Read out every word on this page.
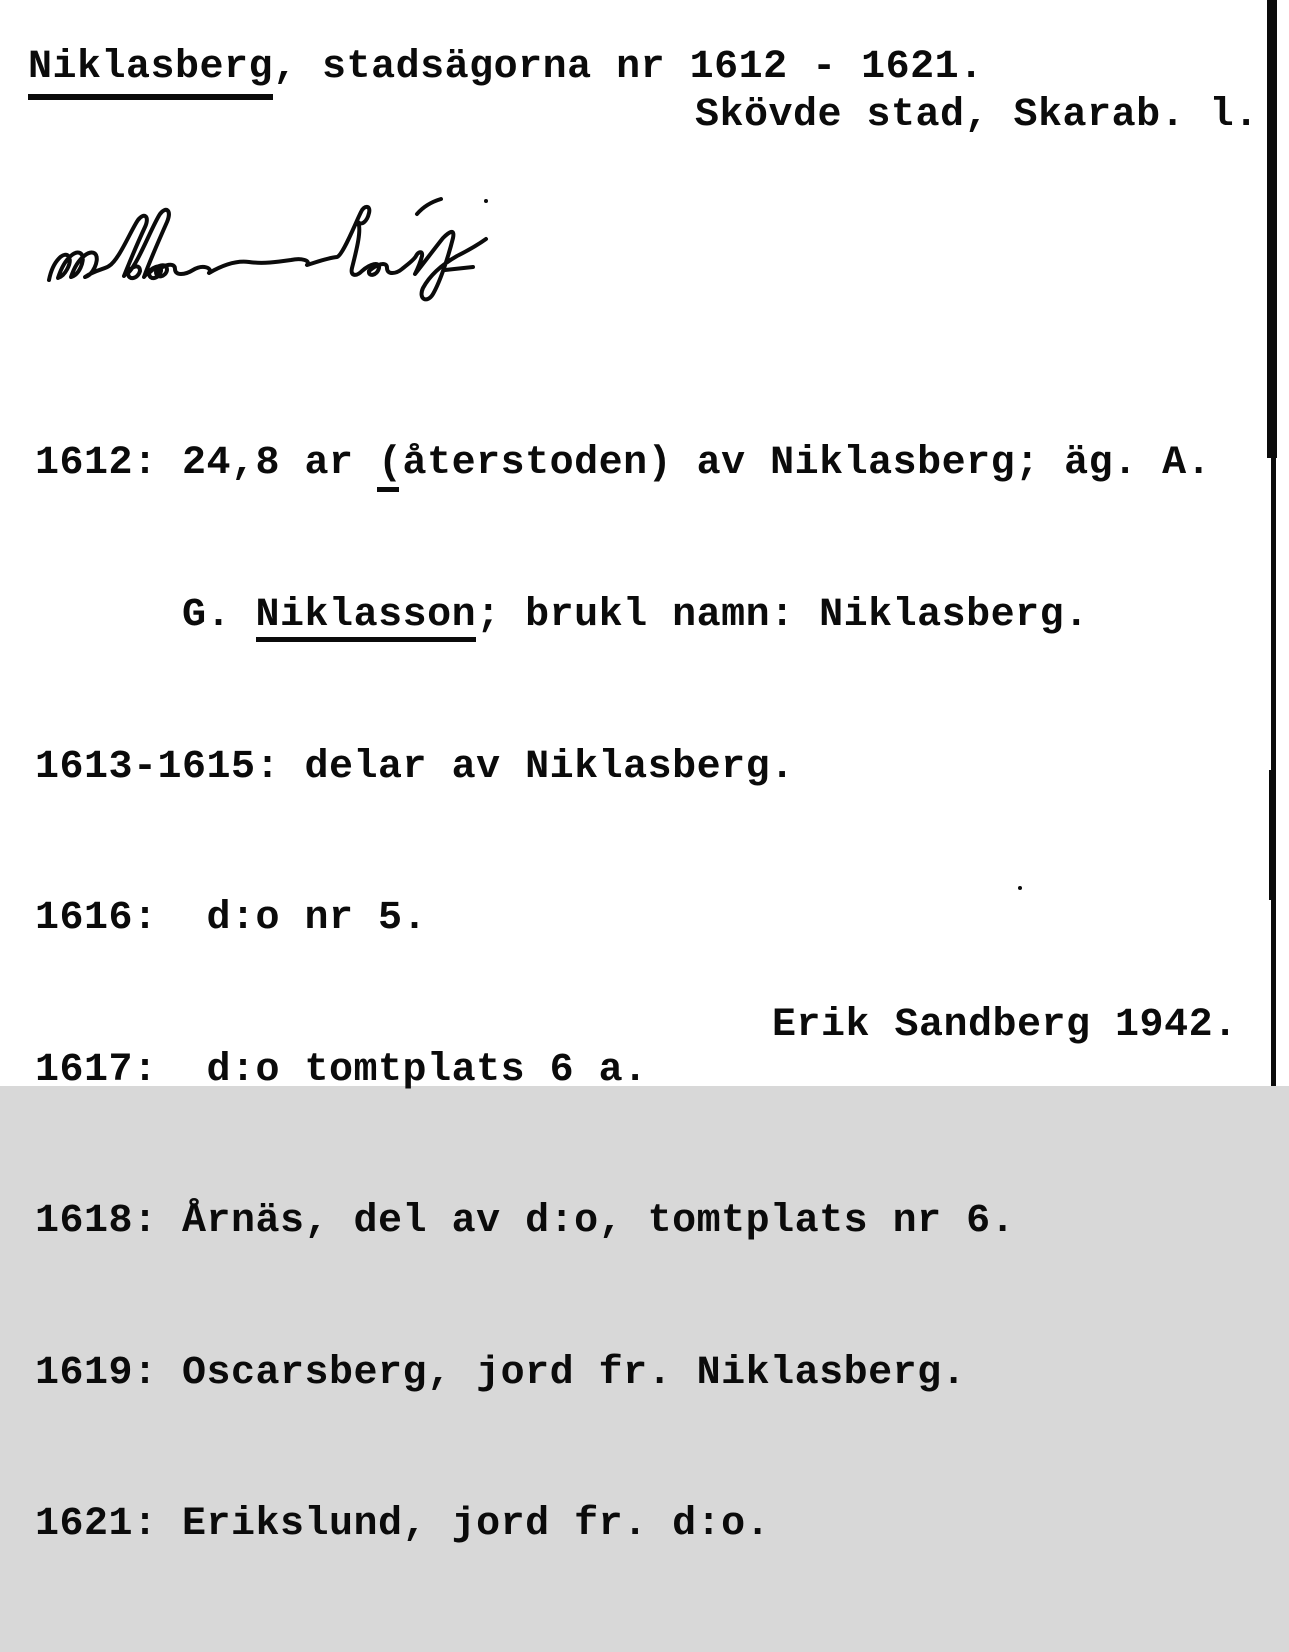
Niklasberg, stadsägorna nr 1612 - 1621.

Skövde stad, Skarab. l.

1612: 24,8 ar (återstoden) av Niklasberg; äg. A.

G. Niklasson; brukl namn: Niklasberg.

1613-1615: delar av Niklasberg.

1616:  d:o nr 5.

1617:  d:o tomtplats 6 a.

1618: Årnäs, del av d:o, tomtplats nr 6.

1619: Oscarsberg, jord fr. Niklasberg.

1621: Erikslund, jord fr. d:o.

Erik Sandberg 1942.
